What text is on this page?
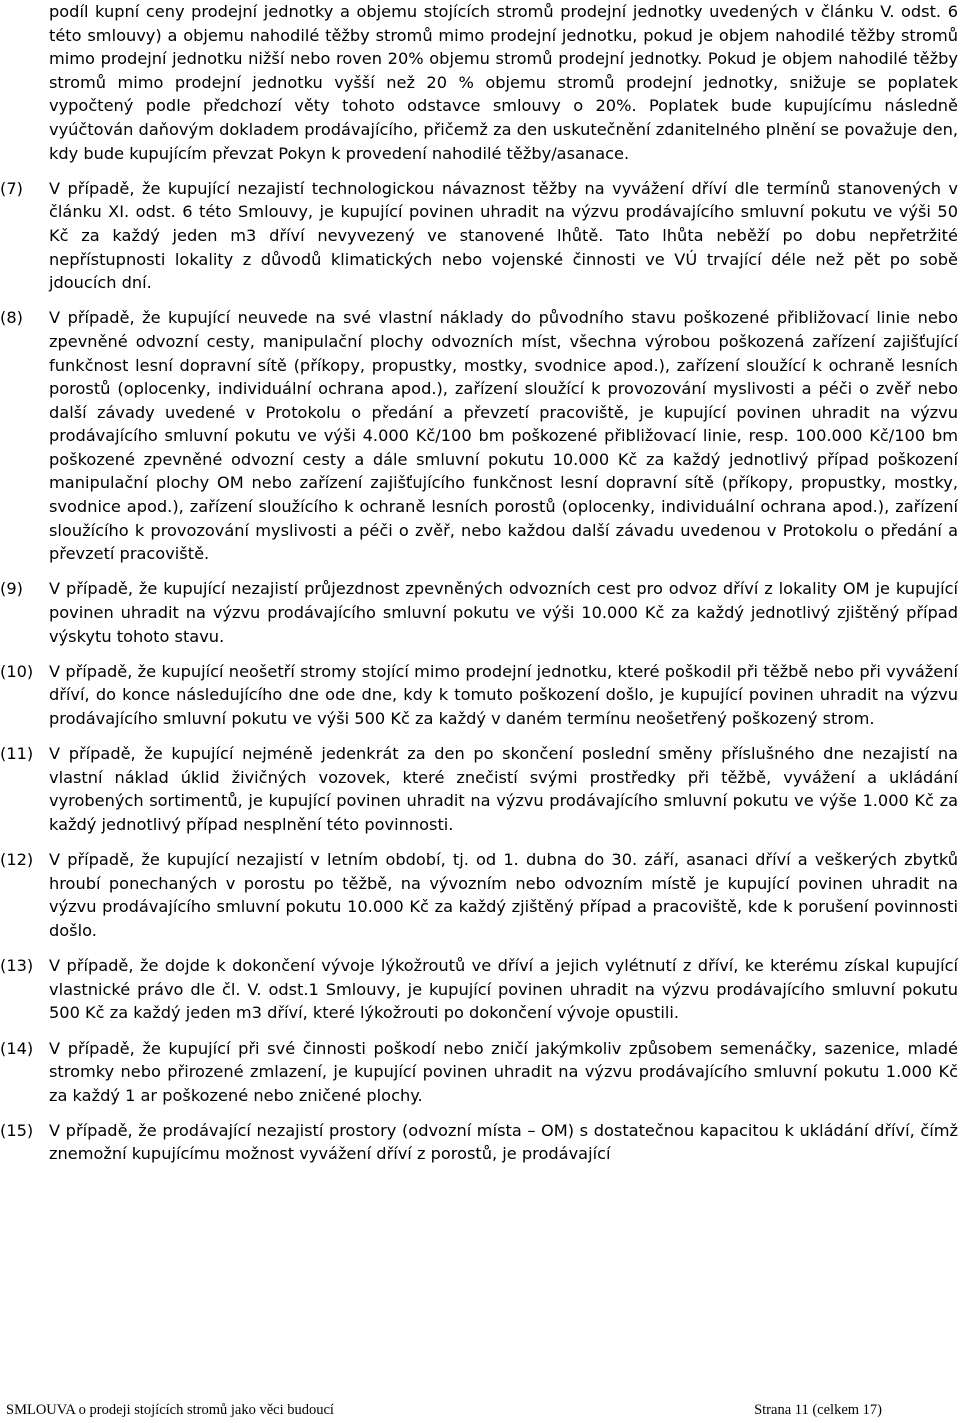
podíl kupní ceny prodejní jednotky a objemu stojících stromů prodejní jednotky uvedených v článku V. odst. 6 této smlouvy) a objemu nahodilé těžby stromů mimo prodejní jednotku, pokud je objem nahodilé těžby stromů mimo prodejní jednotku nižší nebo roven 20% objemu stromů prodejní jednotky. Pokud je objem nahodilé těžby stromů mimo prodejní jednotku vyšší než 20 % objemu stromů prodejní jednotky, snižuje se poplatek vypočtený podle předchozí věty tohoto odstavce smlouvy o 20%. Poplatek bude kupujícímu následně vyúčtován daňovým dokladem prodávajícího, přičemž za den uskutečnění zdanitelného plnění se považuje den, kdy bude kupujícím převzat Pokyn k provedení nahodilé těžby/asanace.
(7)	V případě, že kupující nezajistí technologickou návaznost těžby na vyvážení dříví dle termínů stanovených v článku XI. odst. 6 této Smlouvy, je kupující povinen uhradit na výzvu prodávajícího smluvní pokutu ve výši 50 Kč za každý jeden m3 dříví nevyvezený ve stanovené lhůtě. Tato lhůta neběží po dobu nepřetržité nepřístupnosti lokality z důvodů klimatických nebo vojenské činnosti ve VÚ trvající déle než pět po sobě jdoucích dní.
(8)	V případě, že kupující neuvede na své vlastní náklady do původního stavu poškozené přibližovací linie nebo zpevněné odvozní cesty, manipulační plochy odvozních míst, všechna výrobou poškozená zařízení zajišťující funkčnost lesní dopravní sítě (příkopy, propustky, mostky, svodnice apod.), zařízení sloužící k ochraně lesních porostů (oplocenky, individuální ochrana apod.), zařízení sloužící k provozování myslivosti a péči o zvěř nebo další závady uvedené v Protokolu o předání a převzetí pracoviště, je kupující povinen uhradit na výzvu prodávajícího smluvní pokutu ve výši 4.000 Kč/100 bm poškozené přibližovací linie, resp. 100.000 Kč/100 bm poškozené zpevněné odvozní cesty a dále smluvní pokutu 10.000 Kč za každý jednotlivý případ poškození manipulační plochy OM nebo zařízení zajišťujícího funkčnost lesní dopravní sítě (příkopy, propustky, mostky, svodnice apod.), zařízení sloužícího k ochraně lesních porostů (oplocenky, individuální ochrana apod.), zařízení sloužícího k provozování myslivosti a péči o zvěř, nebo každou další závadu uvedenou v Protokolu o předání a převzetí pracoviště.
(9)	V případě, že kupující nezajistí průjezdnost zpevněných odvozních cest pro odvoz dříví z lokality OM je kupující povinen uhradit na výzvu prodávajícího smluvní pokutu ve výši 10.000 Kč za každý jednotlivý zjištěný případ výskytu tohoto stavu.
(10) V případě, že kupující neošetří stromy stojící mimo prodejní jednotku, které poškodil při těžbě nebo při vyvážení dříví, do konce následujícího dne ode dne, kdy k tomuto poškození došlo, je kupující povinen uhradit na výzvu prodávajícího smluvní pokutu ve výši 500 Kč za každý v daném termínu neošetřený poškozený strom.
(11) V případě, že kupující nejméně jedenkrát za den po skončení poslední směny příslušného dne nezajistí na vlastní náklad úklid živičných vozovek, které znečistí svými prostředky při těžbě, vyvážení a ukládání vyrobených sortimentů, je kupující povinen uhradit na výzvu prodávajícího smluvní pokutu ve výše 1.000 Kč za každý jednotlivý případ nesplnění této povinnosti.
(12) V případě, že kupující nezajistí v letním období, tj. od 1. dubna do 30. září, asanaci dříví a veškerých zbytků hroubí ponechaných v porostu po těžbě, na vývozním nebo odvozním místě je kupující povinen uhradit na výzvu prodávajícího smluvní pokutu 10.000 Kč za každý zjištěný případ a pracoviště, kde k porušení povinnosti došlo.
(13) V případě, že dojde k dokončení vývoje lýkožroutů ve dříví a jejich vylétnutí z dříví, ke kterému získal kupující vlastnické právo dle čl. V. odst.1 Smlouvy, je kupující povinen uhradit na výzvu prodávajícího smluvní pokutu 500 Kč za každý jeden m3 dříví, které lýkožrouti po dokončení vývoje opustili.
(14) V případě, že kupující při své činnosti poškodí nebo zničí jakýmkoliv způsobem semenáčky, sazenice, mladé stromky nebo přirozené zmlazení, je kupující povinen uhradit na výzvu prodávajícího smluvní pokutu 1.000 Kč za každý 1 ar poškozené nebo zničené plochy.
(15) V případě, že prodávající nezajistí prostory (odvozní místa – OM) s dostatečnou kapacitou k ukládání dříví, čímž znemožní kupujícímu možnost vyvážení dříví z porostů, je prodávající
SMLOUVA o prodeji stojících stromů jako věci budoucí	Strana 11 (celkem 17)
